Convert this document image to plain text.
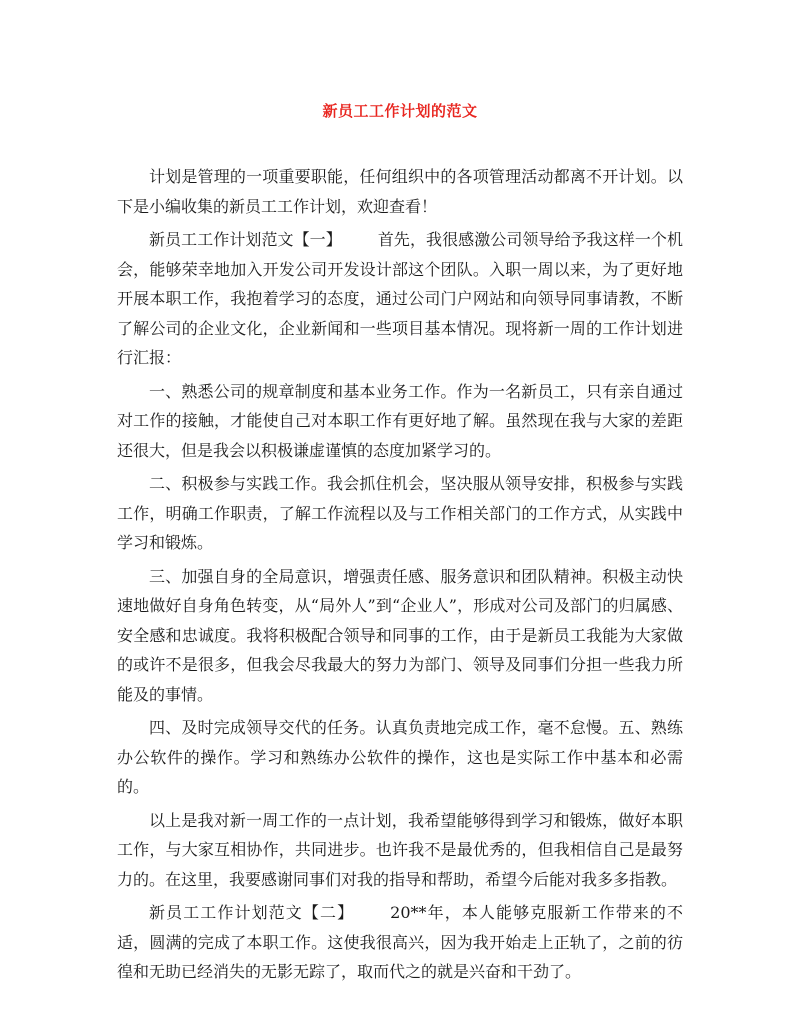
新员工工作计划的范文

计划是管理的一项重要职能，任何组织中的各项管理活动都离不开计划。以下是小编收集的新员工工作计划，欢迎查看！

新员工工作计划范文【一】 首先，我很感激公司领导给予我这样一个机会，能够荣幸地加入开发公司开发设计部这个团队。入职一周以来，为了更好地开展本职工作，我抱着学习的态度，通过公司门户网站和向领导同事请教，不断了解公司的企业文化，企业新闻和一些项目基本情况。现将新一周的工作计划进行汇报：

一、熟悉公司的规章制度和基本业务工作。作为一名新员工，只有亲自通过对工作的接触，才能使自己对本职工作有更好地了解。虽然现在我与大家的差距还很大，但是我会以积极谦虚谨慎的态度加紧学习的。

二、积极参与实践工作。我会抓住机会，坚决服从领导安排，积极参与实践工作，明确工作职责，了解工作流程以及与工作相关部门的工作方式，从实践中学习和锻炼。

三、加强自身的全局意识，增强责任感、服务意识和团队精神。积极主动快速地做好自身角色转变，从“局外人”到“企业人”，形成对公司及部门的归属感、安全感和忠诚度。我将积极配合领导和同事的工作，由于是新员工我能为大家做的或许不是很多，但我会尽我最大的努力为部门、领导及同事们分担一些我力所能及的事情。

四、及时完成领导交代的任务。认真负责地完成工作，毫不怠慢。五、熟练办公软件的操作。学习和熟练办公软件的操作，这也是实际工作中基本和必需的。

以上是我对新一周工作的一点计划，我希望能够得到学习和锻炼，做好本职工作，与大家互相协作，共同进步。也许我不是最优秀的，但我相信自己是最努力的。在这里，我要感谢同事们对我的指导和帮助，希望今后能对我多多指教。

新员工工作计划范文【二】 20**年，本人能够克服新工作带来的不适，圆满的完成了本职工作。这使我很高兴，因为我开始走上正轨了，之前的彷徨和无助已经消失的无影无踪了，取而代之的就是兴奋和干劲了。
